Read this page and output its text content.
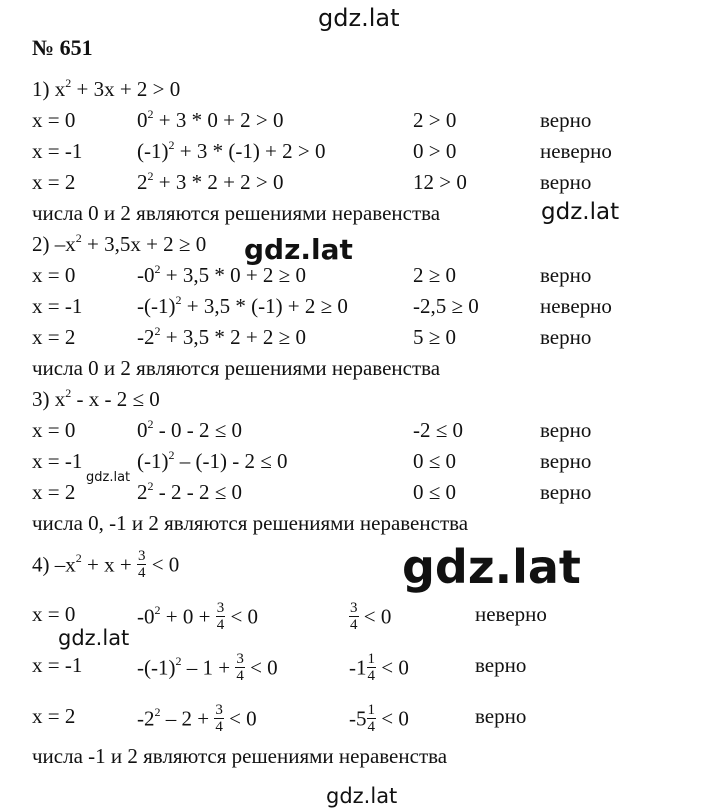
gdz.lat
gdz.lat
gdz.lat
gdz.lat
gdz.lat
gdz.lat
gdz.lat
№ 651
1) $x^2 + 3x + 2 > 0$
x = 0	$0^2 + 3 * 0 + 2 > 0$	2 > 0	верно
x = -1	$(-1)^2 + 3 * (-1) + 2 > 0$	0 > 0	неверно
x = 2	$2^2 + 3 * 2 + 2 > 0$	12 > 0	верно
числа 0 и 2 являются решениями неравенства
2) $-x^2 + 3,5x + 2 \ge 0$
x = 0	$-0^2 + 3,5 * 0 + 2 \ge 0$	2 ≥ 0	верно
x = -1	$-(-1)^2 + 3,5 * (-1) + 2 \ge 0$	-2,5 ≥ 0	неверно
x = 2	$-2^2 + 3,5 * 2 + 2 \ge 0$	5 ≥ 0	верно
числа 0 и 2 являются решениями неравенства
3) $x^2 - x - 2 \le 0$
x = 0	$0^2 - 0 - 2 \le 0$	-2 ≤ 0	верно
x = -1	$(-1)^2 - (-1) - 2 \le 0$	0 ≤ 0	верно
x = 2	$2^2 - 2 - 2 \le 0$	0 ≤ 0	верно
числа 0, -1 и 2 являются решениями неравенства
4) $-x^2 + x + \frac{3}{4} < 0$
x = 0	$-0^2 + 0 + \frac{3}{4} < 0$	$\frac{3}{4} < 0$	неверно
x = -1	$-(-1)^2 - 1 + \frac{3}{4} < 0$	$-1 \frac{1}{4} < 0$	верно
x = 2	$-2^2 - 2 + \frac{3}{4} < 0$	$-5 \frac{1}{4} < 0$	верно
числа -1 и 2 являются решениями неравенства
